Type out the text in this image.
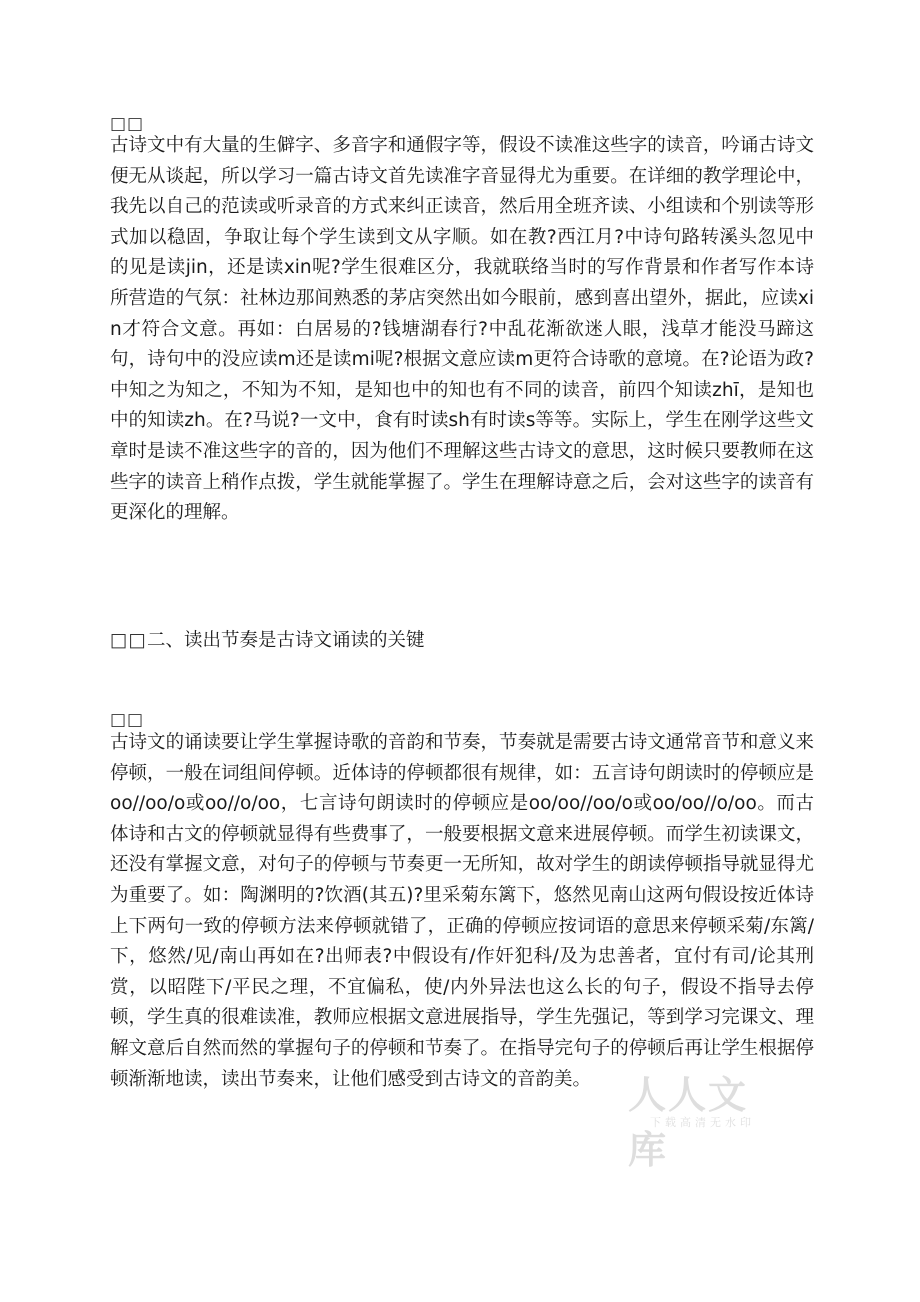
□□

古诗文中有大量的生僻字、多音字和通假字等，假设不读准这些字的读音，吟诵古诗文便无从谈起，所以学习一篇古诗文首先读准字音显得尤为重要。在详细的教学理论中，我先以自己的范读或听录音的方式来纠正读音，然后用全班齐读、小组读和个别读等形式加以稳固，争取让每个学生读到文从字顺。如在教?西江月?中诗句路转溪头忽见中的见是读jin，还是读xin呢?学生很难区分，我就联络当时的写作背景和作者写作本诗所营造的气氛：社林边那间熟悉的茅店突然出如今眼前，感到喜出望外，据此，应读xin才符合文意。再如：白居易的?钱塘湖春行?中乱花渐欲迷人眼，浅草才能没马蹄这句，诗句中的没应读m还是读mi呢?根据文意应读m更符合诗歌的意境。在?论语为政?中知之为知之，不知为不知，是知也中的知也有不同的读音，前四个知读zhī，是知也中的知读zh。在?马说?一文中，食有时读sh有时读s等等。实际上，学生在刚学这些文章时是读不准这些字的音的，因为他们不理解这些古诗文的意思，这时候只要教师在这些字的读音上稍作点拨，学生就能掌握了。学生在理解诗意之后，会对这些字的读音有更深化的理解。

□□二、读出节奏是古诗文诵读的关键
□□

古诗文的诵读要让学生掌握诗歌的音韵和节奏，节奏就是需要古诗文通常音节和意义来停顿，一般在词组间停顿。近体诗的停顿都很有规律，如：五言诗句朗读时的停顿应是oo//oo/o或oo//o/oo，七言诗句朗读时的停顿应是oo/oo//oo/o或oo/oo//o/oo。而古体诗和古文的停顿就显得有些费事了，一般要根据文意来进展停顿。而学生初读课文，还没有掌握文意，对句子的停顿与节奏更一无所知，故对学生的朗读停顿指导就显得尤为重要了。如：陶渊明的?饮酒(其五)?里采菊东篱下，悠然见南山这两句假设按近体诗上下两句一致的停顿方法来停顿就错了，正确的停顿应按词语的意思来停顿采菊/东篱/下，悠然/见/南山再如在?出师表?中假设有/作奸犯科/及为忠善者，宜付有司/论其刑赏，以昭陛下/平民之理，不宜偏私，使/内外异法也这么长的句子，假设不指导去停顿，学生真的很难读准，教师应根据文意进展指导，学生先强记，等到学习完课文、理解文意后自然而然的掌握句子的停顿和节奏了。在指导完句子的停顿后再让学生根据停顿渐渐地读，读出节奏来，让他们感受到古诗文的音韵美。 人人文库
下载高清无水印
